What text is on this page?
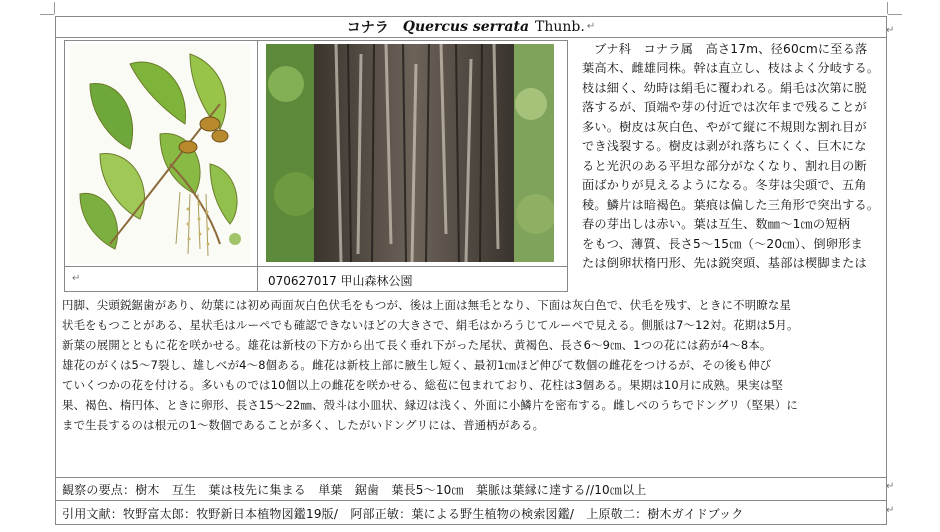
コナラ Quercus serrata Thunb. ↵
↵	070627017 甲山森林公園
ブナ科　コナラ属　高さ17m、径60cmに至る落
葉高木、雌雄同株。幹は直立し、枝はよく分岐する。
枝は細く、幼時は絹毛に覆われる。絹毛は次第に脱
落するが、頂端や芽の付近では次年まで残ることが
多い。樹皮は灰白色、やがて縦に不規則な割れ目が
でき浅裂する。樹皮は剥がれ落ちにくく、巨木にな
ると光沢のある平坦な部分がなくなり、割れ目の断
面ばかりが見えるようになる。冬芽は尖頭で、五角
稜。鱗片は暗褐色。葉痕は偏した三角形で突出する。
春の芽出しは赤い。葉は互生、数㎜～1㎝の短柄
をもつ、薄質、長さ5～15㎝（～20㎝）、倒卵形ま
たは倒卵状楕円形、先は鋭突頭、基部は楔脚または
円脚、尖頭鋭鋸歯があり、幼葉には初め両面灰白色伏毛をもつが、後は上面は無毛となり、下面は灰白色で、伏毛を残す、ときに不明瞭な星
状毛をもつことがある、星状毛はルーペでも確認できないほどの大きさで、絹毛はかろうじてルーペで見える。側脈は7～12対。花期は5月。
新葉の展開とともに花を咲かせる。雄花は新枝の下方から出て長く垂れ下がった尾状、黄褐色、長さ6～9㎝、1つの花には葯が4～8本。
雄花のがくは5～7裂し、雄しべが4～8個ある。雌花は新枝上部に腋生し短く、最初1㎝ほど伸びて数個の雌花をつけるが、その後も伸び
ていくつかの花を付ける。多いものでは10個以上の雌花を咲かせる、総苞に包まれており、花柱は3個ある。果期は10月に成熟。果実は堅
果、褐色、楕円体、ときに卵形、長さ15～22㎜、殻斗は小皿状、縁辺は浅く、外面に小鱗片を密布する。雌しべのうちでドングリ（堅果）に
まで生長するのは根元の1～数個であることが多く、したがいドングリには、普通柄がある。
観察の要点：樹木　互生　葉は枝先に集まる　単葉　鋸歯　葉長5～10㎝　葉脈は葉縁に達する//10㎝以上
引用文献：牧野富太郎：牧野新日本植物図鑑19版/　阿部正敏：葉による野生植物の検索図鑑/　上原敬二：樹木ガイドブック
↵
↵
↵
